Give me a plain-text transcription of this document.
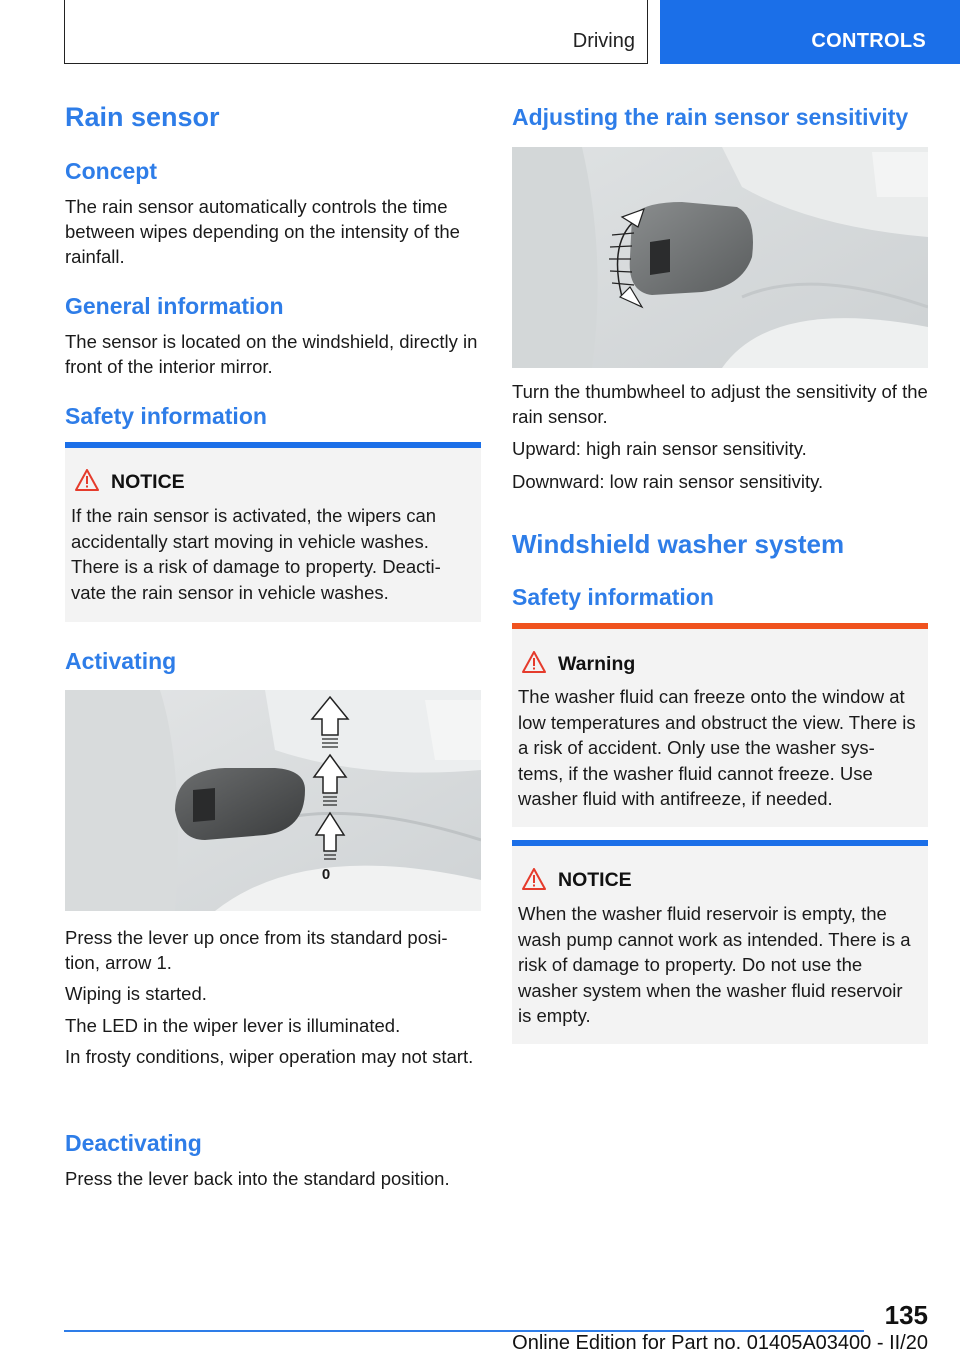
Driving	CONTROLS
Rain sensor
Concept

The rain sensor automatically controls the time between wipes depending on the intensity of the rainfall.

General information

The sensor is located on the windshield, directly in front of the interior mirror.

Safety information
NOTICE
If the rain sensor is activated, the wipers can accidentally start moving in vehicle washes. There is a risk of damage to property. Deacti-vate the rain sensor in vehicle washes.
Activating
0

Press the lever up once from its standard posi-tion, arrow 1.

Wiping is started.

The LED in the wiper lever is illuminated.

In frosty conditions, wiper operation may not start.

Deactivating

Press the lever back into the standard position.

Adjusting the rain sensor sensitivity

Turn the thumbwheel to adjust the sensitivity of the rain sensor.

Upward: high rain sensor sensitivity.

Downward: low rain sensor sensitivity.

Windshield washer system
Safety information
Warning
The washer fluid can freeze onto the window at low temperatures and obstruct the view. There is a risk of accident. Only use the washer sys-tems, if the washer fluid cannot freeze. Use washer fluid with antifreeze, if needed.
NOTICE
When the washer fluid reservoir is empty, the wash pump cannot work as intended. There is a risk of damage to property. Do not use the washer system when the washer fluid reservoir is empty.
135
Online Edition for Part no. 01405A03400 - II/20
